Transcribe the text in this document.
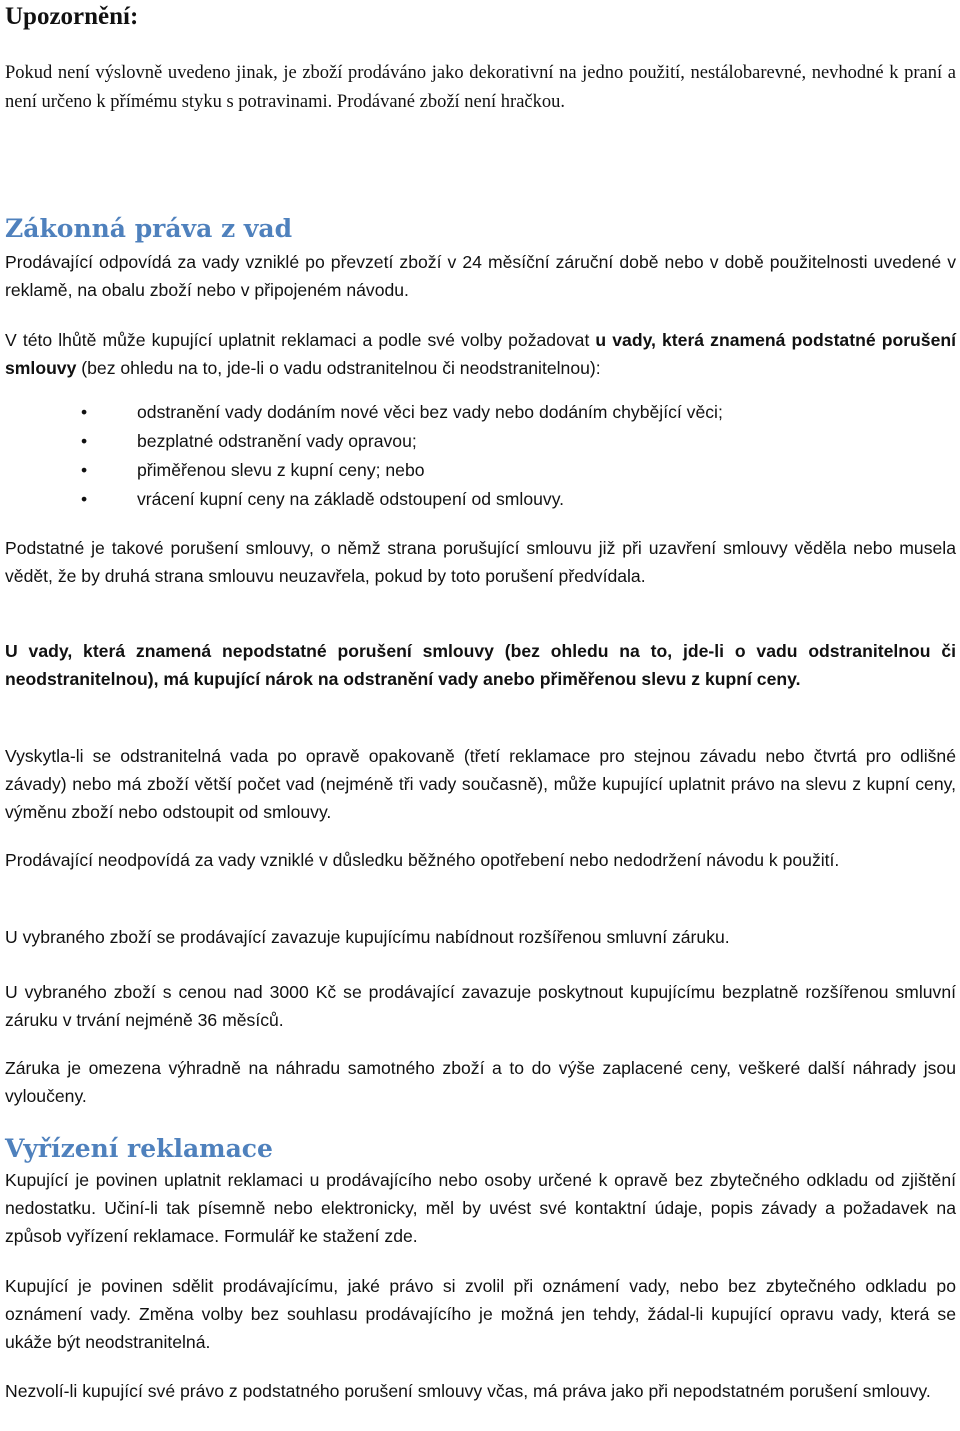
Upozornění:

Pokud není výslovně uvedeno jinak, je zboží prodáváno jako dekorativní na jedno použití, nestálobarevné, nevhodné k praní a není určeno k přímému styku s potravinami. Prodávané zboží není hračkou.

Zákonná práva z vad

Prodávající odpovídá za vady vzniklé po převzetí zboží v 24 měsíční záruční době nebo v době použitelnosti uvedené v reklamě, na obalu zboží nebo v připojeném návodu.

V této lhůtě může kupující uplatnit reklamaci a podle své volby požadovat u vady, která znamená podstatné porušení smlouvy (bez ohledu na to, jde-li o vadu odstranitelnou či neodstranitelnou):

•	odstranění vady dodáním nové věci bez vady nebo dodáním chybějící věci;
•	bezplatné odstranění vady opravou;
•	přiměřenou slevu z kupní ceny; nebo
•	vrácení kupní ceny na základě odstoupení od smlouvy.

Podstatné je takové porušení smlouvy, o němž strana porušující smlouvu již při uzavření smlouvy věděla nebo musela vědět, že by druhá strana smlouvu neuzavřela, pokud by toto porušení předvídala.

U vady, která znamená nepodstatné porušení smlouvy (bez ohledu na to, jde-li o vadu odstranitelnou či neodstranitelnou), má kupující nárok na odstranění vady anebo přiměřenou slevu z kupní ceny.

Vyskytla-li se odstranitelná vada po opravě opakovaně (třetí reklamace pro stejnou závadu nebo čtvrtá pro odlišné závady) nebo má zboží větší počet vad (nejméně tři vady současně), může kupující uplatnit právo na slevu z kupní ceny, výměnu zboží nebo odstoupit od smlouvy.

Prodávající neodpovídá za vady vzniklé v důsledku běžného opotřebení nebo nedodržení návodu k použití.

U vybraného zboží se prodávající zavazuje kupujícímu nabídnout rozšířenou smluvní záruku.

U vybraného zboží s cenou nad 3000 Kč se prodávající zavazuje poskytnout kupujícímu bezplatně rozšířenou smluvní záruku v trvání nejméně 36 měsíců.

Záruka je omezena výhradně na náhradu samotného zboží a to do výše zaplacené ceny, veškeré další náhrady jsou vyloučeny.

Vyřízení reklamace

Kupující je povinen uplatnit reklamaci u prodávajícího nebo osoby určené k opravě bez zbytečného odkladu od zjištění nedostatku. Učiní-li tak písemně nebo elektronicky, měl by uvést své kontaktní údaje, popis závady a požadavek na způsob vyřízení reklamace. Formulář ke stažení zde.

Kupující je povinen sdělit prodávajícímu, jaké právo si zvolil při oznámení vady, nebo bez zbytečného odkladu po oznámení vady. Změna volby bez souhlasu prodávajícího je možná jen tehdy, žádal-li kupující opravu vady, která se ukáže být neodstranitelná.

Nezvolí-li kupující své právo z podstatného porušení smlouvy včas, má práva jako při nepodstatném porušení smlouvy.
